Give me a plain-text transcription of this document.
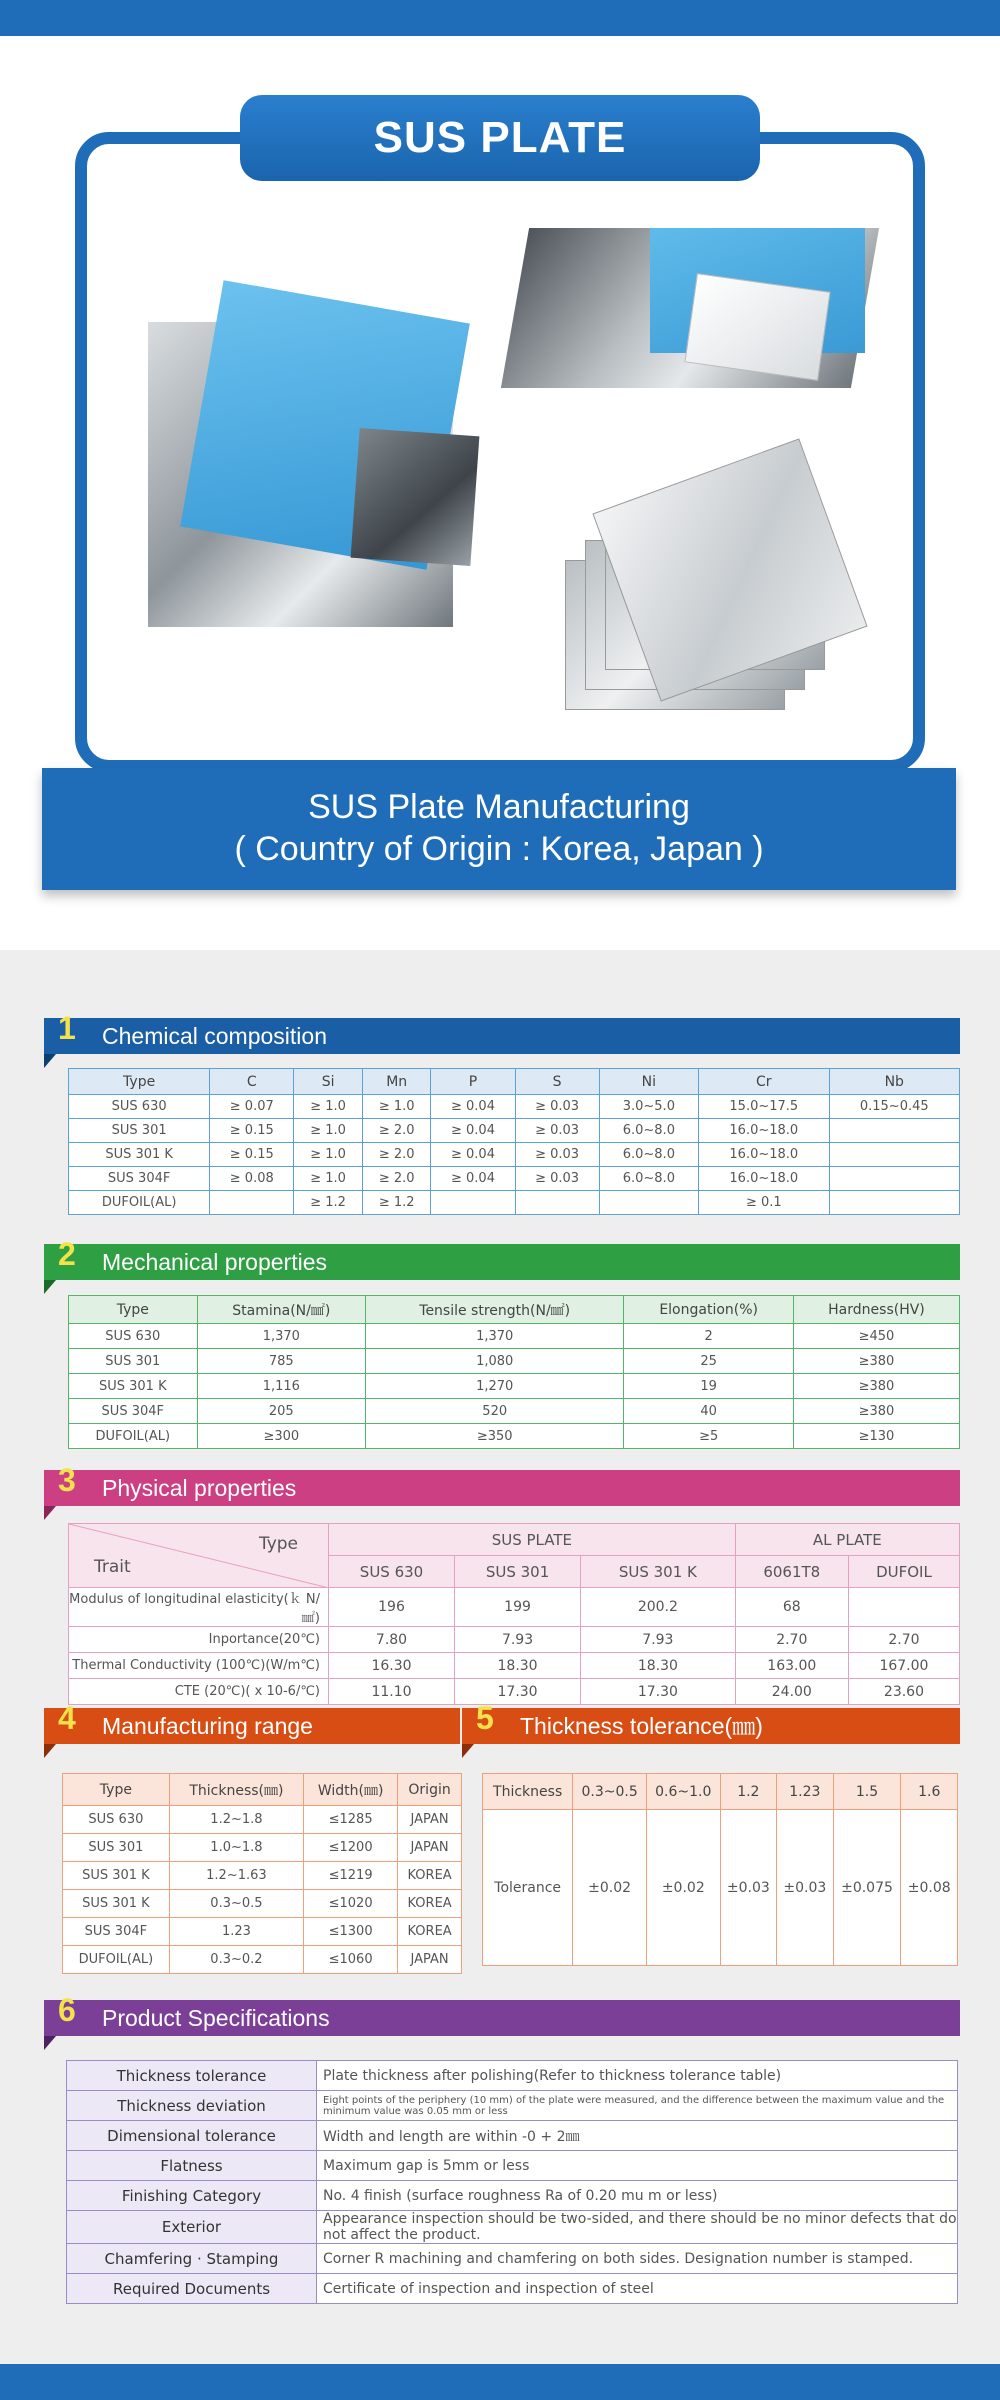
SUS PLATE
SUS Plate Manufacturing
( Country of Origin : Korea, Japan )
1 Chemical composition
Type	C	Si	Mn	P	S	Ni	Cr	Nb
SUS 630	≥ 0.07	≥ 1.0	≥ 1.0	≥ 0.04	≥ 0.03	3.0~5.0	15.0~17.5	0.15~0.45
SUS 301	≥ 0.15	≥ 1.0	≥ 2.0	≥ 0.04	≥ 0.03	6.0~8.0	16.0~18.0	
SUS 301 K	≥ 0.15	≥ 1.0	≥ 2.0	≥ 0.04	≥ 0.03	6.0~8.0	16.0~18.0	
SUS 304F	≥ 0.08	≥ 1.0	≥ 2.0	≥ 0.04	≥ 0.03	6.0~8.0	16.0~18.0	
DUFOIL(AL)		≥ 1.2	≥ 1.2				≥ 0.1	
2 Mechanical properties
Type	Stamina(N/㎟)	Tensile strength(N/㎟)	Elongation(%)	Hardness(HV)
SUS 630	1,370	1,370	2	≥450
SUS 301	785	1,080	25	≥380
SUS 301 K	1,116	1,270	19	≥380
SUS 304F	205	520	40	≥380
DUFOIL(AL)	≥300	≥350	≥5	≥130
3 Physical properties
Type
Trait	SUS PLATE			AL PLATE	
	SUS 630	SUS 301	SUS 301 K	6061T8	DUFOIL
Modulus of longitudinal elasticity(ｋ N/㎟)	196	199	200.2	68	
Inportance(20℃)	7.80	7.93	7.93	2.70	2.70
Thermal Conductivity (100℃)(W/m℃)	16.30	18.30	18.30	163.00	167.00
CTE (20℃)( x 10-6/℃)	11.10	17.30	17.30	24.00	23.60
4 Manufacturing range
Type	Thickness(㎜)	Width(㎜)	Origin
SUS 630	1.2~1.8	≤1285	JAPAN
SUS 301	1.0~1.8	≤1200	JAPAN
SUS 301 K	1.2~1.63	≤1219	KOREA
SUS 301 K	0.3~0.5	≤1020	KOREA
SUS 304F	1.23	≤1300	KOREA
DUFOIL(AL)	0.3~0.2	≤1060	JAPAN
5 Thickness tolerance(㎜)
Thickness	0.3~0.5	0.6~1.0	1.2	1.23	1.5	1.6
Tolerance	±0.02	±0.02	±0.03	±0.03	±0.075	±0.08
6 Product Specifications
Thickness tolerance	Plate thickness after polishing(Refer to thickness tolerance table)
Thickness deviation	Eight points of the periphery (10 mm) of the plate were measured, and the difference between the maximum value and the minimum value was 0.05 mm or less
Dimensional tolerance	Width and length are within -0 + 2㎜
Flatness	Maximum gap is 5mm or less
Finishing Category	No. 4 finish (surface roughness Ra of 0.20 mu m or less)
Exterior	Appearance inspection should be two-sided, and there should be no minor defects that do not affect the product.
Chamfering · Stamping	Corner R machining and chamfering on both sides. Designation number is stamped.
Required Documents	Certificate of inspection and inspection of steel
